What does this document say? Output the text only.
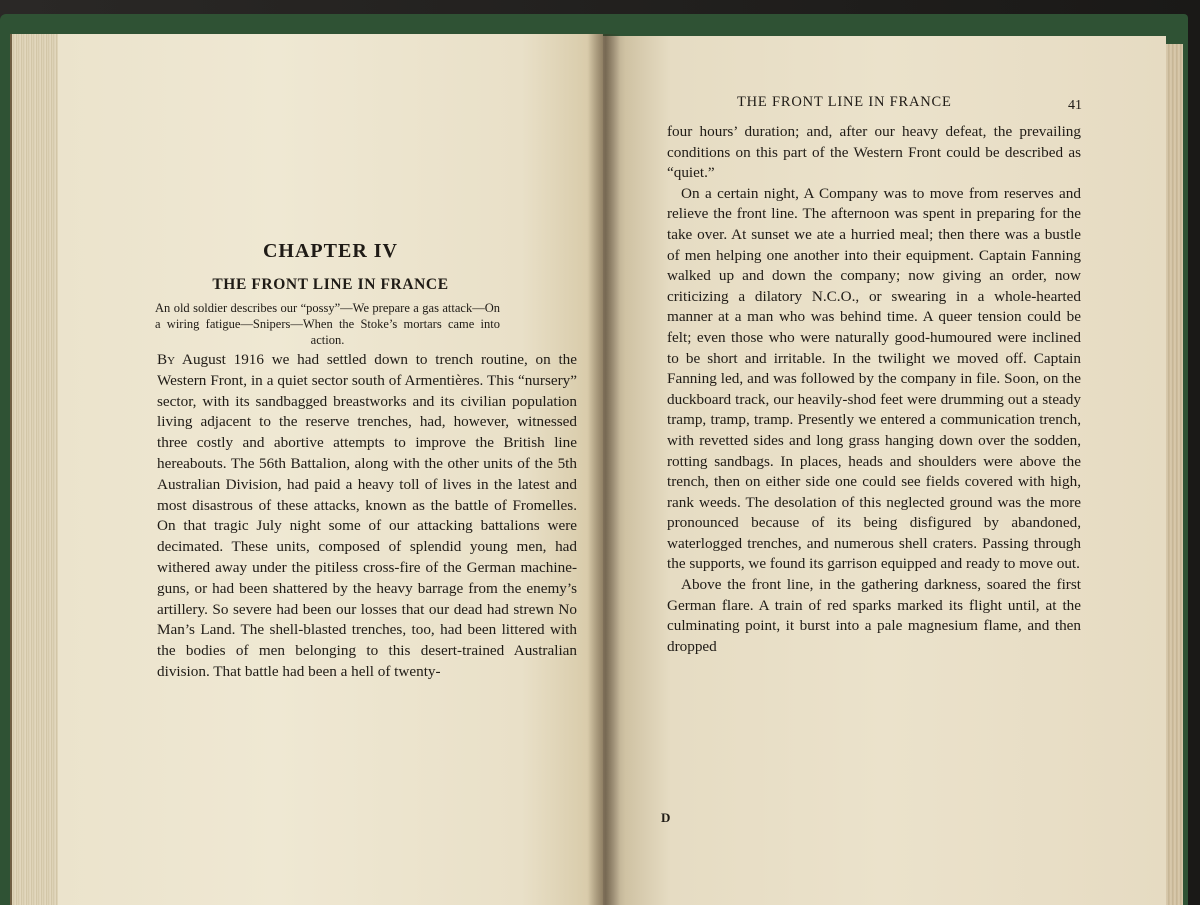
CHAPTER IV
THE FRONT LINE IN FRANCE

An old soldier describes our “possy”—We prepare a gas attack—On a wiring fatigue—Snipers—When the Stoke’s mortars came into action.

By August 1916 we had settled down to trench routine, on the Western Front, in a quiet sector south of Armentières. This “nursery” sector, with its sandbagged breastworks and its civilian population living adjacent to the reserve trenches, had, however, witnessed three costly and abortive attempts to improve the British line hereabouts. The 56th Battalion, along with the other units of the 5th Australian Division, had paid a heavy toll of lives in the latest and most disastrous of these attacks, known as the battle of Fromelles. On that tragic July night some of our attacking battalions were decimated. These units, composed of splendid young men, had withered away under the pitiless cross-fire of the German machine-guns, or had been shattered by the heavy barrage from the enemy’s artillery. So severe had been our losses that our dead had strewn No Man’s Land. The shell-blasted trenches, too, had been littered with the bodies of men belonging to this desert-trained Australian division. That battle had been a hell of twenty-

THE FRONT LINE IN FRANCE	41

four hours’ duration; and, after our heavy defeat, the prevailing conditions on this part of the Western Front could be described as “quiet.”

On a certain night, A Company was to move from reserves and relieve the front line. The afternoon was spent in preparing for the take over. At sunset we ate a hurried meal; then there was a bustle of men helping one another into their equipment. Captain Fanning walked up and down the company; now giving an order, now criticizing a dilatory N.C.O., or swearing in a whole-hearted manner at a man who was behind time. A queer tension could be felt; even those who were naturally good-humoured were inclined to be short and irritable. In the twilight we moved off. Captain Fanning led, and was followed by the company in file. Soon, on the duckboard track, our heavily-shod feet were drumming out a steady tramp, tramp, tramp. Presently we entered a communication trench, with revetted sides and long grass hanging down over the sodden, rotting sandbags. In places, heads and shoulders were above the trench, then on either side one could see fields covered with high, rank weeds. The desolation of this neglected ground was the more pronounced because of its being disfigured by abandoned, waterlogged trenches, and numerous shell craters. Passing through the supports, we found its garrison equipped and ready to move out.

Above the front line, in the gathering darkness, soared the first German flare. A train of red sparks marked its flight until, at the culminating point, it burst into a pale magnesium flame, and then dropped

D
